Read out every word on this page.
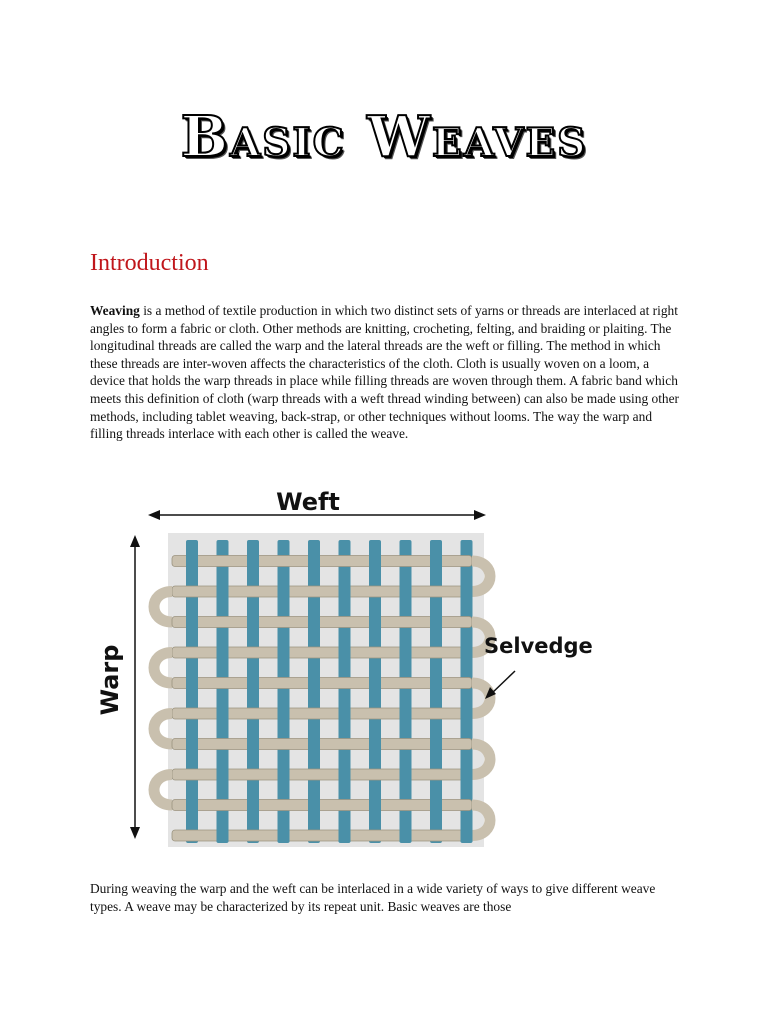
Basic Weaves
Introduction

Weaving is a method of textile production in which two distinct sets of yarns or threads are interlaced at right angles to form a fabric or cloth. Other methods are knitting, crocheting, felting, and braiding or plaiting. The longitudinal threads are called the warp and the lateral threads are the weft or filling. The method in which these threads are inter-woven affects the characteristics of the cloth. Cloth is usually woven on a loom, a device that holds the warp threads in place while filling threads are woven through them. A fabric band which meets this definition of cloth (warp threads with a weft thread winding between) can also be made using other methods, including tablet weaving, back-strap, or other techniques without looms. The way the warp and filling threads interlace with each other is called the weave.

Weft
Warp	Selvedge

During weaving the warp and the weft can be interlaced in a wide variety of ways to give different weave types. A weave may be characterized by its repeat unit. Basic weaves are those
